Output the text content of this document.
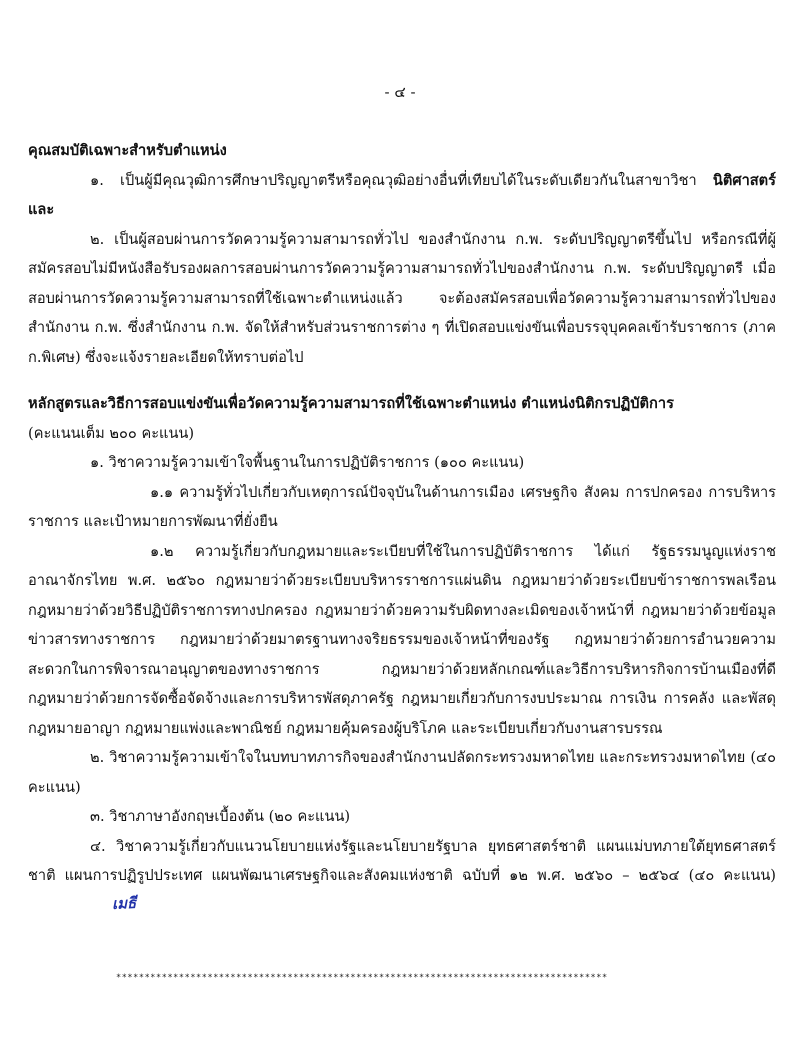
- ๔ -

คุณสมบัติเฉพาะสำหรับตำแหน่ง

๑. เป็นผู้มีคุณวุฒิการศึกษาปริญญาตรีหรือคุณวุฒิอย่างอื่นที่เทียบได้ในระดับเดียวกันในสาขาวิชา นิติศาสตร์ และ

๒. เป็นผู้สอบผ่านการวัดความรู้ความสามารถทั่วไป ของสำนักงาน ก.พ. ระดับปริญญาตรีขึ้นไป หรือกรณีที่ผู้สมัครสอบไม่มีหนังสือรับรองผลการสอบผ่านการวัดความรู้ความสามารถทั่วไปของสำนักงาน ก.พ. ระดับปริญญาตรี เมื่อสอบผ่านการวัดความรู้ความสามารถที่ใช้เฉพาะตำแหน่งแล้ว จะต้องสมัครสอบเพื่อวัดความรู้ความสามารถทั่วไปของสำนักงาน ก.พ. ซึ่งสำนักงาน ก.พ. จัดให้สำหรับส่วนราชการต่าง ๆ ที่เปิดสอบแข่งขันเพื่อบรรจุบุคคลเข้ารับราชการ (ภาค ก.พิเศษ) ซึ่งจะแจ้งรายละเอียดให้ทราบต่อไป

หลักสูตรและวิธีการสอบแข่งขันเพื่อวัดความรู้ความสามารถที่ใช้เฉพาะตำแหน่ง ตำแหน่งนิติกรปฏิบัติการ

(คะแนนเต็ม ๒๐๐ คะแนน)

๑. วิชาความรู้ความเข้าใจพื้นฐานในการปฏิบัติราชการ (๑๐๐ คะแนน)

๑.๑ ความรู้ทั่วไปเกี่ยวกับเหตุการณ์ปัจจุบันในด้านการเมือง เศรษฐกิจ สังคม การปกครอง การบริหารราชการ และเป้าหมายการพัฒนาที่ยั่งยืน

๑.๒ ความรู้เกี่ยวกับกฎหมายและระเบียบที่ใช้ในการปฏิบัติราชการ ได้แก่ รัฐธรรมนูญแห่งราชอาณาจักรไทย พ.ศ. ๒๕๖๐ กฎหมายว่าด้วยระเบียบบริหารราชการแผ่นดิน กฎหมายว่าด้วยระเบียบข้าราชการพลเรือน กฎหมายว่าด้วยวิธีปฏิบัติราชการทางปกครอง กฎหมายว่าด้วยความรับผิดทางละเมิดของเจ้าหน้าที่ กฎหมายว่าด้วยข้อมูลข่าวสารทางราชการ กฎหมายว่าด้วยมาตรฐานทางจริยธรรมของเจ้าหน้าที่ของรัฐ กฎหมายว่าด้วยการอำนวยความสะดวกในการพิจารณาอนุญาตของทางราชการ กฎหมายว่าด้วยหลักเกณฑ์และวิธีการบริหารกิจการบ้านเมืองที่ดี กฎหมายว่าด้วยการจัดซื้อจัดจ้างและการบริหารพัสดุภาครัฐ กฎหมายเกี่ยวกับการงบประมาณ การเงิน การคลัง และพัสดุ กฎหมายอาญา กฎหมายแพ่งและพาณิชย์ กฎหมายคุ้มครองผู้บริโภค และระเบียบเกี่ยวกับงานสารบรรณ

๒. วิชาความรู้ความเข้าใจในบทบาทภารกิจของสำนักงานปลัดกระทรวงมหาดไทย และกระทรวงมหาดไทย (๔๐ คะแนน)

๓. วิชาภาษาอังกฤษเบื้องต้น (๒๐ คะแนน)

๔. วิชาความรู้เกี่ยวกับแนวนโยบายแห่งรัฐและนโยบายรัฐบาล ยุทธศาสตร์ชาติ แผนแม่บทภายใต้ยุทธศาสตร์ชาติ แผนการปฏิรูปประเทศ แผนพัฒนาเศรษฐกิจและสังคมแห่งชาติ ฉบับที่ ๑๒ พ.ศ. ๒๕๖๐ – ๒๕๖๔ (๔๐ คะแนน)เมธี

**************************************************************************************
